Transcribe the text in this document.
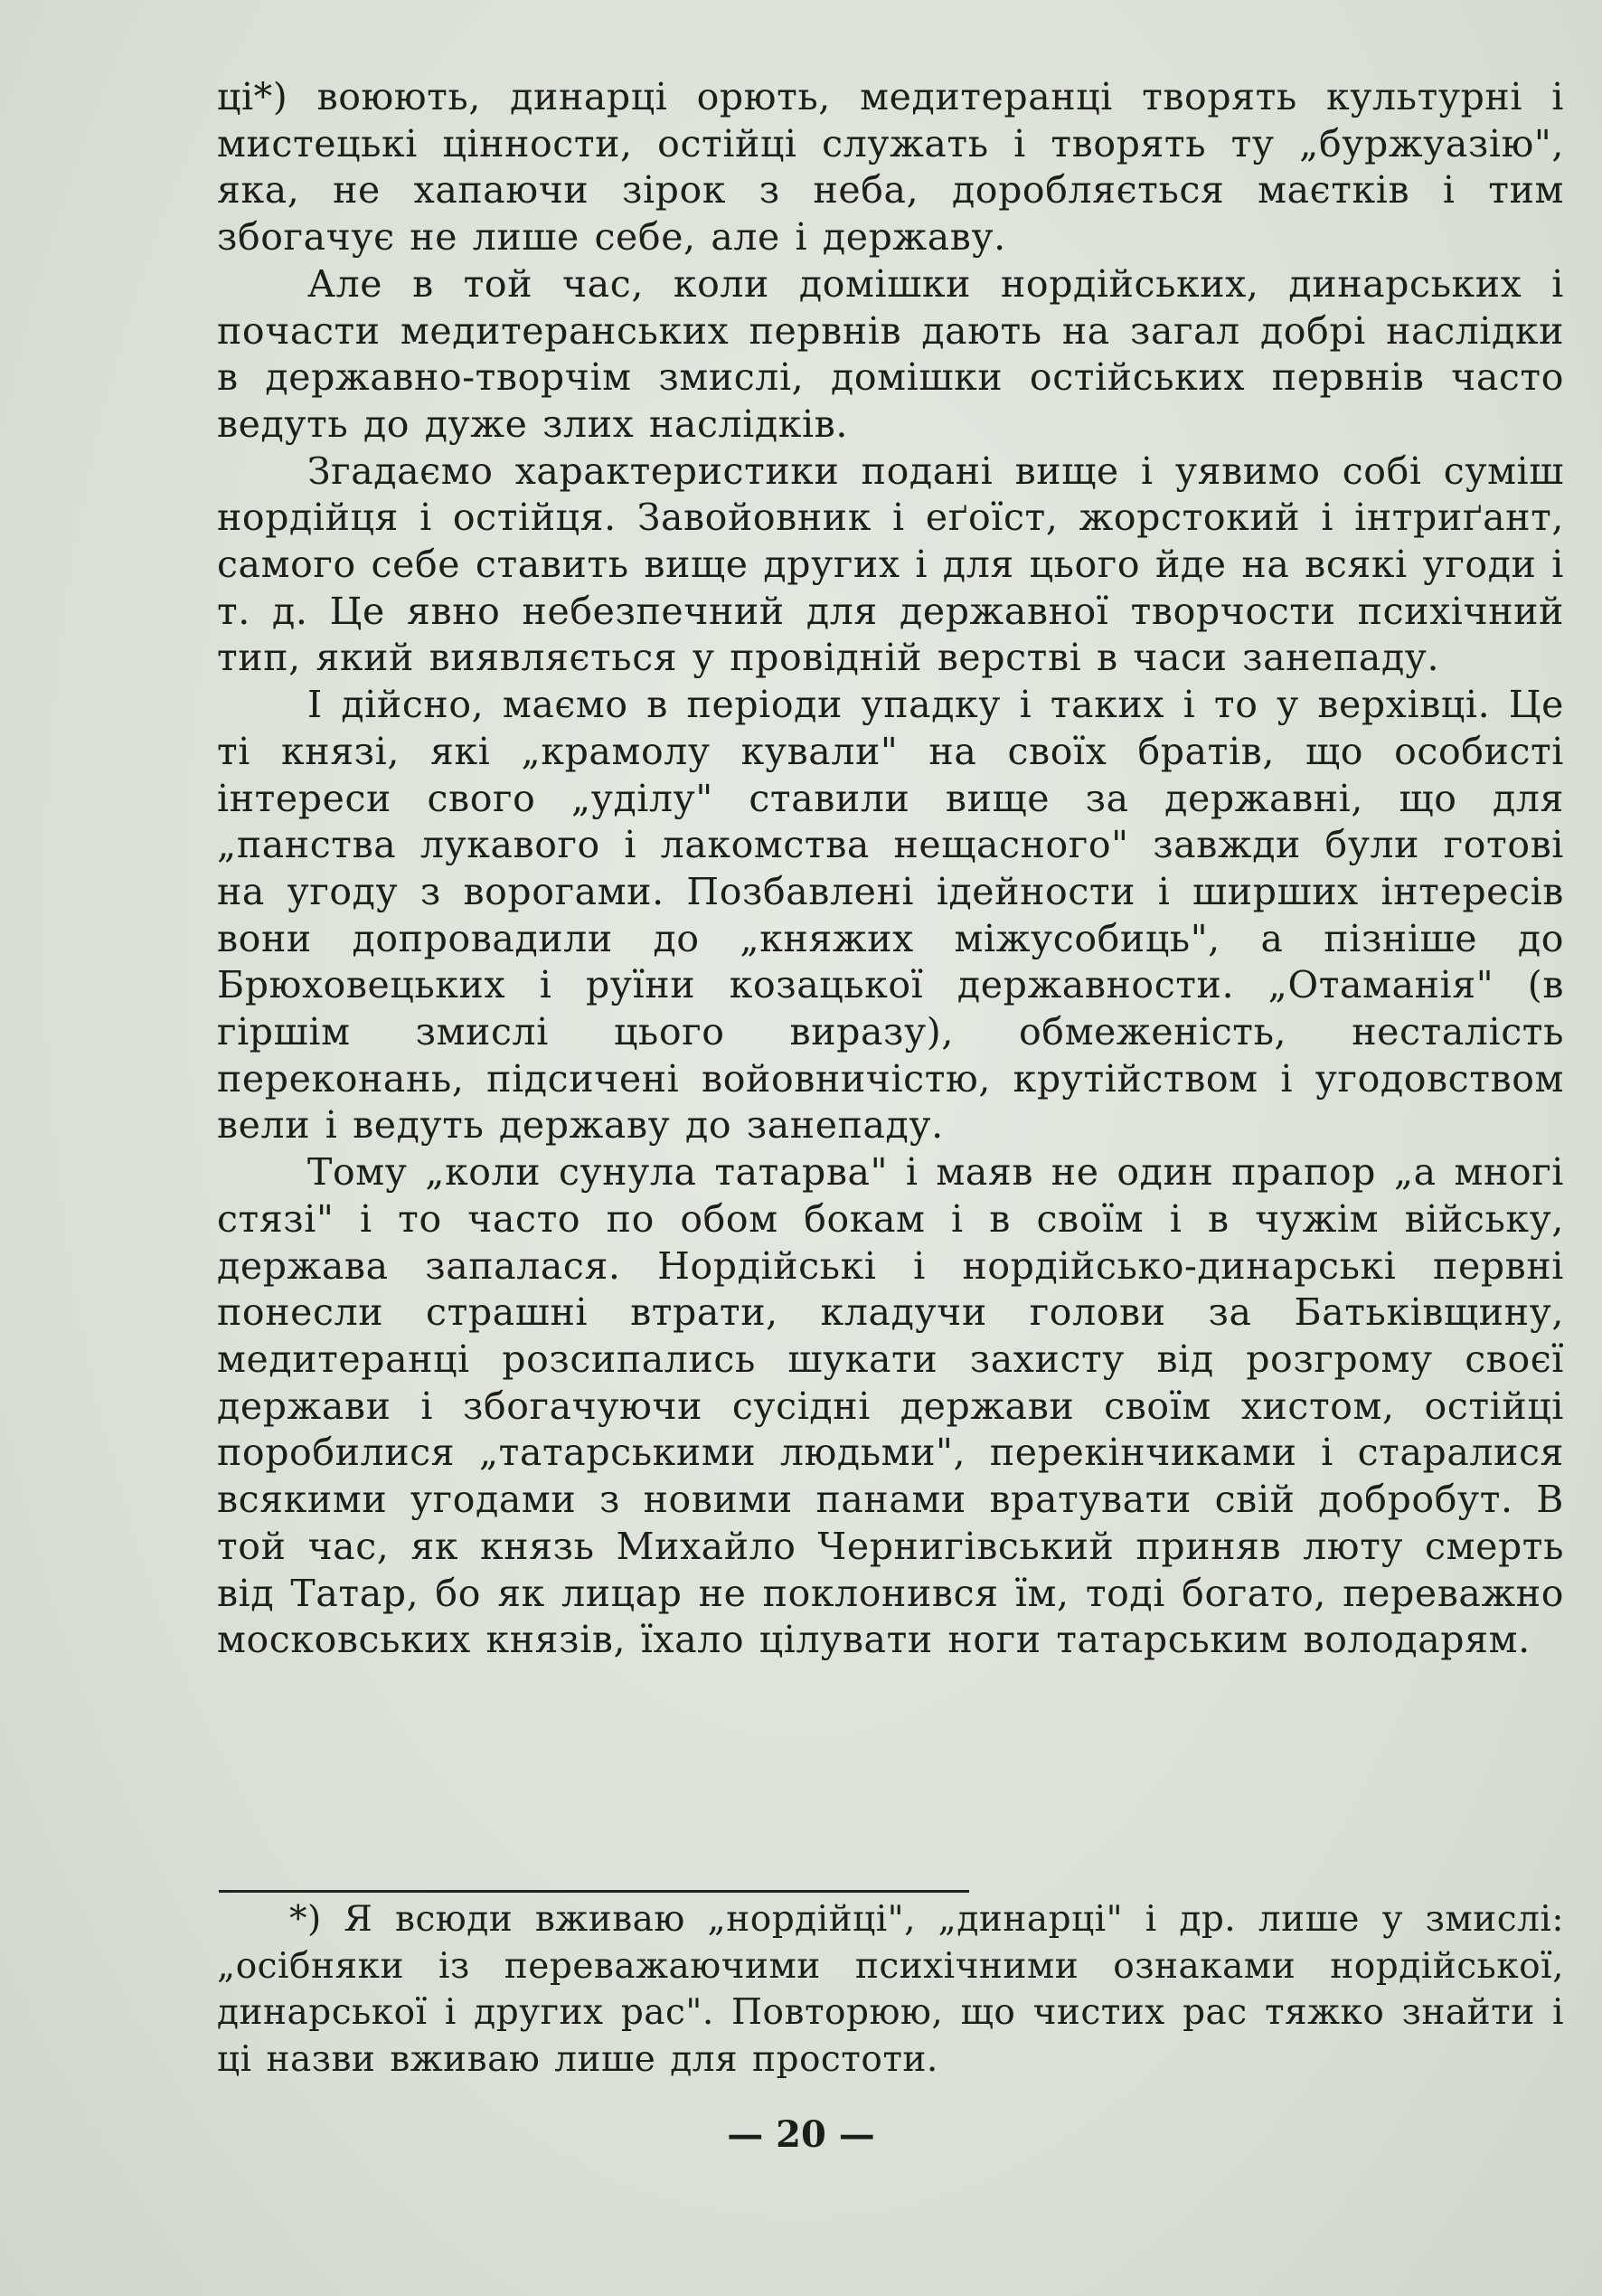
ці*) воюють, динарці орють, медитеранці творять культурні і мистецькі цінности, остійці служать і творять ту „буржуазію", яка, не хапаючи зірок з неба, доробляється маєтків і тим збогачує не лише себе, але і державу.

Але в той час, коли домішки нордійських, динарських і почасти медитеранських первнів дають на загал добрі наслідки в державно-творчім змислі, домішки остійських первнів часто ведуть до дуже злих наслідків.

Згадаємо характеристики подані вище і уявимо собі суміш нордійця і остійця. Завойовник і еґоїст, жорстокий і інтриґант, самого себе ставить вище других і для цього йде на всякі угоди і т. д. Це явно небезпечний для державної творчости психічний тип, який виявляється у провідній верстві в часи занепаду.

І дійсно, маємо в періоди упадку і таких і то у верхівці. Це ті князі, які „крамолу кували" на своїх братів, що особисті інтереси свого „уділу" ставили вище за державні, що для „панства лукавого і лакомства нещасного" завжди були готові на угоду з ворогами. Позбавлені ідейности і ширших інтересів вони допровадили до „княжих міжусобиць", а пізніше до Брюховецьких і руїни козацької державности. „Отаманія" (в гіршім змислі цього виразу), обмеженість, несталість переконань, підсичені войовничістю, крутійством і угодовством вели і ведуть державу до занепаду.

Тому „коли сунула татарва" і маяв не один прапор „а многі стязі" і то часто по обом бокам і в своїм і в чужім війську, держава запалася. Нордійські і нордійсько-динарські первні понесли страшні втрати, кладучи голови за Батьківщину, медитеранці розсипались шукати захисту від розгрому своєї держави і збогачуючи сусідні держави своїм хистом, остійці поробилися „татарськими людьми", перекінчиками і старалися всякими угодами з новими панами вратувати свій добробут. В той час, як князь Михайло Чернигівський приняв люту смерть від Татар, бо як лицар не поклонився їм, тоді богато, переважно московських князів, їхало цілувати ноги татарським володарям.

*) Я всюди вживаю „нордійці", „динарці" і др. лише у змислі: „осібняки із переважаючими психічними ознаками нордійської, динарської і других рас". Повторюю, що чистих рас тяжко знайти і ці назви вживаю лише для простоти.

— 20 —
